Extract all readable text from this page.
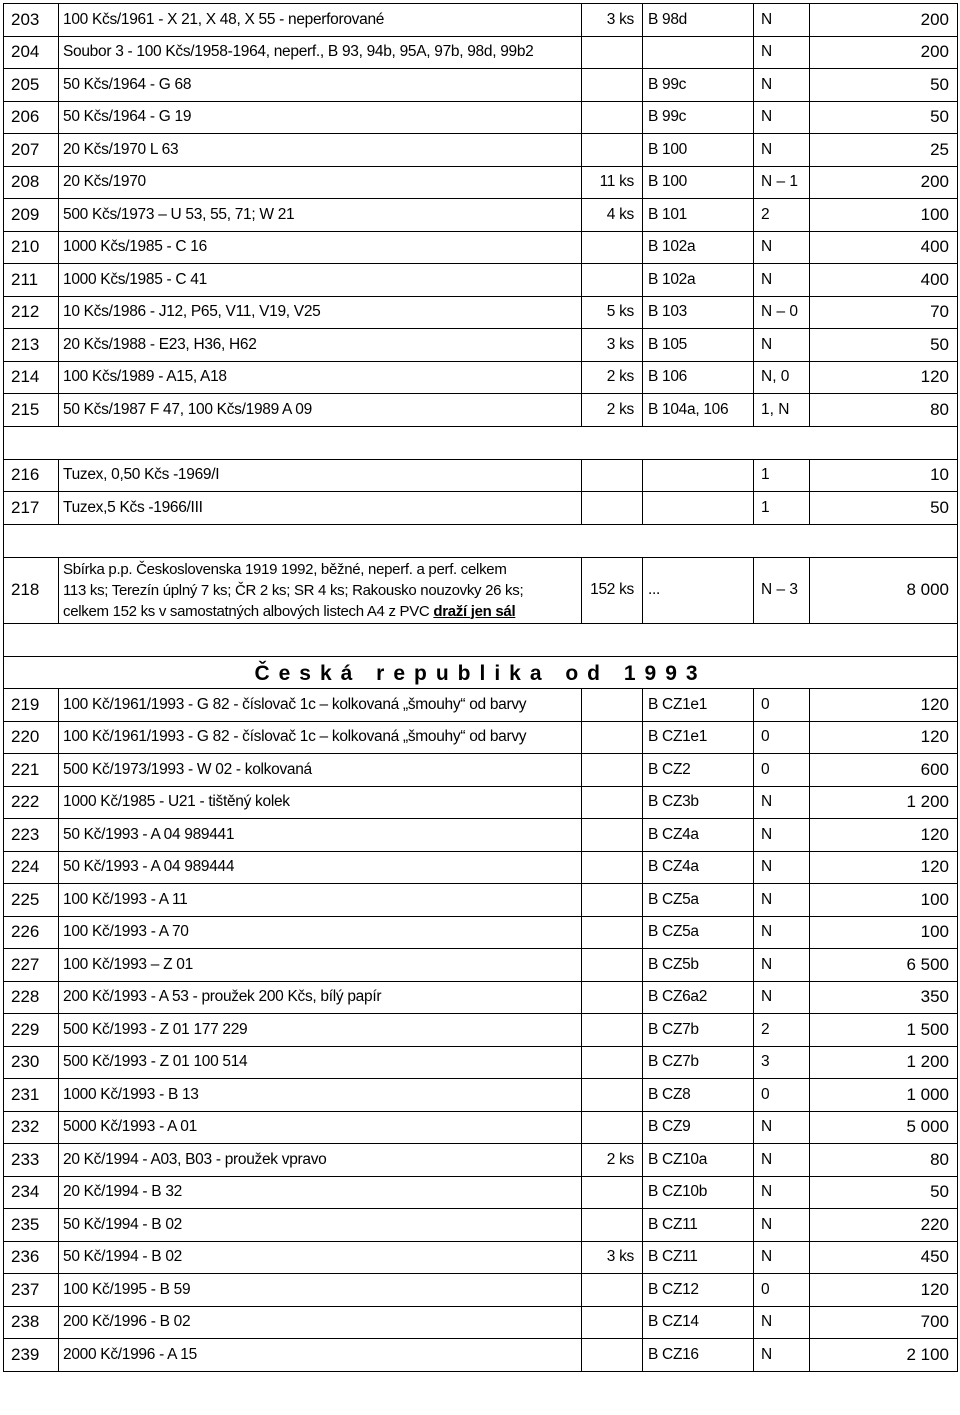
203	100 Kčs/1961 - X 21, X 48, X 55 - neperforované	3 ks	B 98d	N	200
204	Soubor 3 - 100 Kčs/1958-1964, neperf., B 93, 94b, 95A, 97b, 98d, 99b2			N	200
205	50 Kčs/1964 - G 68		B 99c	N	50
206	50 Kčs/1964 - G 19		B 99c	N	50
207	20 Kčs/1970 L 63		B 100	N	25
208	20 Kčs/1970	11 ks	B 100	N – 1	200
209	500 Kčs/1973 – U 53, 55, 71; W 21	4 ks	B 101	2	100
210	1000 Kčs/1985 - C 16		B 102a	N	400
211	1000 Kčs/1985 - C 41		B 102a	N	400
212	10 Kčs/1986 - J12, P65, V11, V19, V25	5 ks	B 103	N – 0	70
213	20 Kčs/1988 - E23, H36, H62	3 ks	B 105	N	50
214	100 Kčs/1989 - A15, A18	2 ks	B 106	N, 0	120
215	50 Kčs/1987 F 47, 100 Kčs/1989 A 09	2 ks	B 104a, 106	1, N	80

216	Tuzex, 0,50 Kčs -1969/I			1	10
217	Tuzex,5 Kčs -1966/III			1	50

218	Sbírka p.p. Československa 1919 1992, běžné, neperf. a perf. celkem
113 ks; Terezín úplný 7 ks; ČR 2 ks; SR 4 ks; Rakousko nouzovky 26 ks;
celkem 152 ks v samostatných albových listech A4 z PVC draží jen sál	152 ks	...	N – 3	8 000

Česká republika od 1993					
219	100 Kč/1961/1993 - G 82 - číslovač 1c – kolkovaná „šmouhy“ od barvy		B CZ1e1	0	120
220	100 Kč/1961/1993 - G 82 - číslovač 1c – kolkovaná „šmouhy“ od barvy		B CZ1e1	0	120
221	500 Kč/1973/1993 - W 02 - kolkovaná		B CZ2	0	600
222	1000 Kč/1985 - U21 - tištěný kolek		B CZ3b	N	1 200
223	50 Kč/1993 - A 04 989441		B CZ4a	N	120
224	50 Kč/1993 - A 04 989444		B CZ4a	N	120
225	100 Kč/1993 - A 11		B CZ5a	N	100
226	100 Kč/1993 - A 70		B CZ5a	N	100
227	100 Kč/1993 – Z 01		B CZ5b	N	6 500
228	200 Kč/1993 - A 53 - proužek 200 Kčs, bílý papír		B CZ6a2	N	350
229	500 Kč/1993 - Z 01 177 229		B CZ7b	2	1 500
230	500 Kč/1993 - Z 01 100 514		B CZ7b	3	1 200
231	1000 Kč/1993 - B 13		B CZ8	0	1 000
232	5000 Kč/1993 - A 01		B CZ9	N	5 000
233	20 Kč/1994 - A03, B03 - proužek vpravo	2 ks	B CZ10a	N	80
234	20 Kč/1994 - B 32		B CZ10b	N	50
235	50 Kč/1994 - B 02		B CZ11	N	220
236	50 Kč/1994 - B 02	3 ks	B CZ11	N	450
237	100 Kč/1995 - B 59		B CZ12	0	120
238	200 Kč/1996 - B 02		B CZ14	N	700
239	2000 Kč/1996 - A 15		B CZ16	N	2 100
